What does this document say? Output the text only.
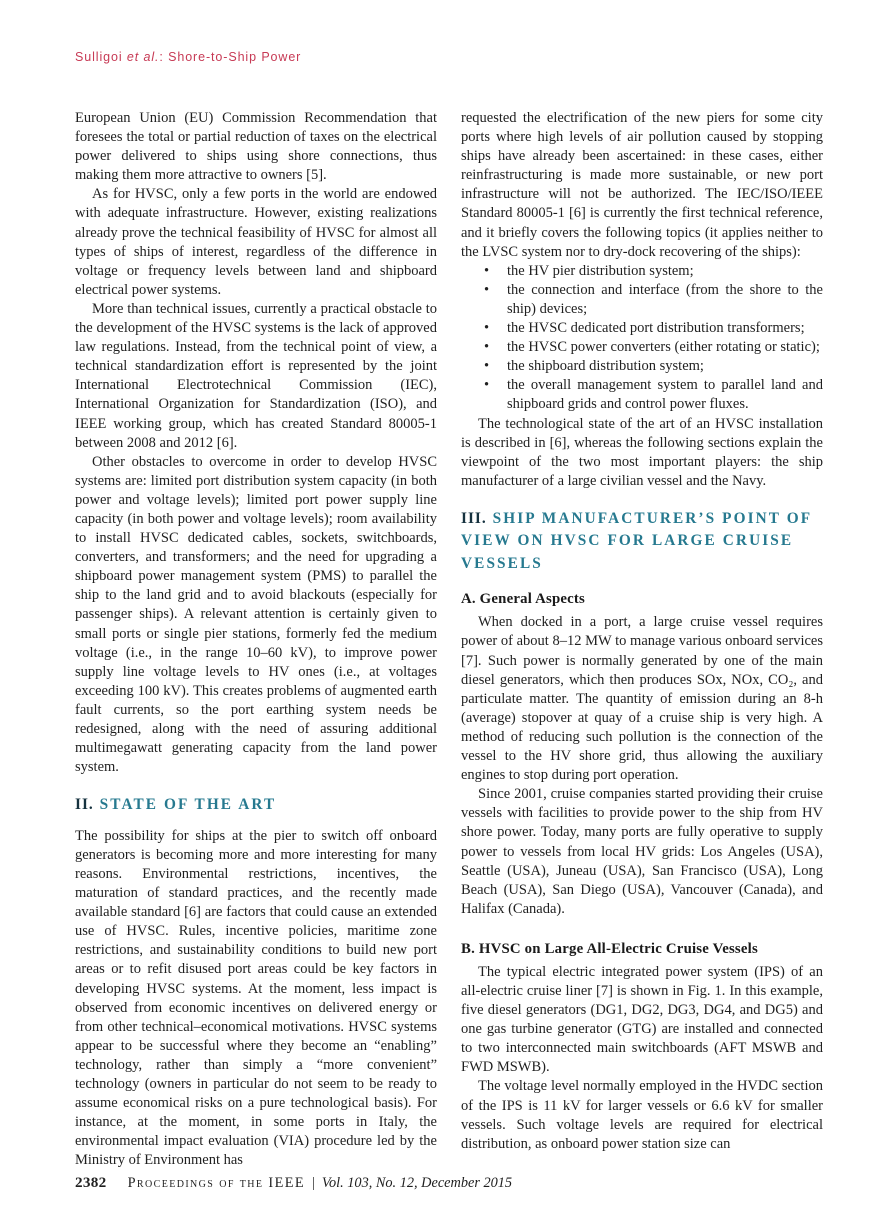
Sulligoi et al.: Shore-to-Ship Power

European Union (EU) Commission Recommendation that foresees the total or partial reduction of taxes on the electrical power delivered to ships using shore connections, thus making them more attractive to owners [5].

As for HVSC, only a few ports in the world are endowed with adequate infrastructure. However, existing realizations already prove the technical feasibility of HVSC for almost all types of ships of interest, regardless of the difference in voltage or frequency levels between land and shipboard electrical power systems.

More than technical issues, currently a practical obstacle to the development of the HVSC systems is the lack of approved law regulations. Instead, from the technical point of view, a technical standardization effort is represented by the joint International Electrotechnical Commission (IEC), International Organization for Standardization (ISO), and IEEE working group, which has created Standard 80005-1 between 2008 and 2012 [6].

Other obstacles to overcome in order to develop HVSC systems are: limited port distribution system capacity (in both power and voltage levels); limited port power supply line capacity (in both power and voltage levels); room availability to install HVSC dedicated cables, sockets, switchboards, converters, and transformers; and the need for upgrading a shipboard power management system (PMS) to parallel the ship to the land grid and to avoid blackouts (especially for passenger ships). A relevant attention is certainly given to small ports or single pier stations, formerly fed the medium voltage (i.e., in the range 10–60 kV), to improve power supply line voltage levels to HV ones (i.e., at voltages exceeding 100 kV). This creates problems of augmented earth fault currents, so the port earthing system needs be redesigned, along with the need of assuring additional multimegawatt generating capacity from the land power system.

II. STATE OF THE ART

The possibility for ships at the pier to switch off onboard generators is becoming more and more interesting for many reasons. Environmental restrictions, incentives, the maturation of standard practices, and the recently made available standard [6] are factors that could cause an extended use of HVSC. Rules, incentive policies, maritime zone restrictions, and sustainability conditions to build new port areas or to refit disused port areas could be key factors in developing HVSC systems. At the moment, less impact is observed from economic incentives on delivered energy or from other technical–economical motivations. HVSC systems appear to be successful where they become an “enabling” technology, rather than simply a “more convenient” technology (owners in particular do not seem to be ready to assume economical risks on a pure technological basis). For instance, at the moment, in some ports in Italy, the environmental impact evaluation (VIA) procedure led by the Ministry of Environment has

requested the electrification of the new piers for some city ports where high levels of air pollution caused by stopping ships have already been ascertained: in these cases, either reinfrastructuring is made more sustainable, or new port infrastructure will not be authorized. The IEC/ISO/IEEE Standard 80005-1 [6] is currently the first technical reference, and it briefly covers the following topics (it applies neither to the LVSC system nor to dry-dock recovering of the ships):

• the HV pier distribution system;
• the connection and interface (from the shore to the ship) devices;
• the HVSC dedicated port distribution transformers;
• the HVSC power converters (either rotating or static);
• the shipboard distribution system;
• the overall management system to parallel land and shipboard grids and control power fluxes.

The technological state of the art of an HVSC installation is described in [6], whereas the following sections explain the viewpoint of the two most important players: the ship manufacturer of a large civilian vessel and the Navy.

III. SHIP MANUFACTURER’S POINT OF VIEW ON HVSC FOR LARGE CRUISE VESSELS
A. General Aspects

When docked in a port, a large cruise vessel requires power of about 8–12 MW to manage various onboard services [7]. Such power is normally generated by one of the main diesel generators, which then produces SOx, NOx, CO₂, and particulate matter. The quantity of emission during an 8-h (average) stopover at quay of a cruise ship is very high. A method of reducing such pollution is the connection of the vessel to the HV shore grid, thus allowing the auxiliary engines to stop during port operation.

Since 2001, cruise companies started providing their cruise vessels with facilities to provide power to the ship from HV shore power. Today, many ports are fully operative to supply power to vessels from local HV grids: Los Angeles (USA), Seattle (USA), Juneau (USA), San Francisco (USA), Long Beach (USA), San Diego (USA), Vancouver (Canada), and Halifax (Canada).

B. HVSC on Large All-Electric Cruise Vessels

The typical electric integrated power system (IPS) of an all-electric cruise liner [7] is shown in Fig. 1. In this example, five diesel generators (DG1, DG2, DG3, DG4, and DG5) and one gas turbine generator (GTG) are installed and connected to two interconnected main switchboards (AFT MSWB and FWD MSWB).

The voltage level normally employed in the HVDC section of the IPS is 11 kV for larger vessels or 6.6 kV for smaller vessels. Such voltage levels are required for electrical distribution, as onboard power station size can

2382 Proceedings of the IEEE | Vol. 103, No. 12, December 2015
